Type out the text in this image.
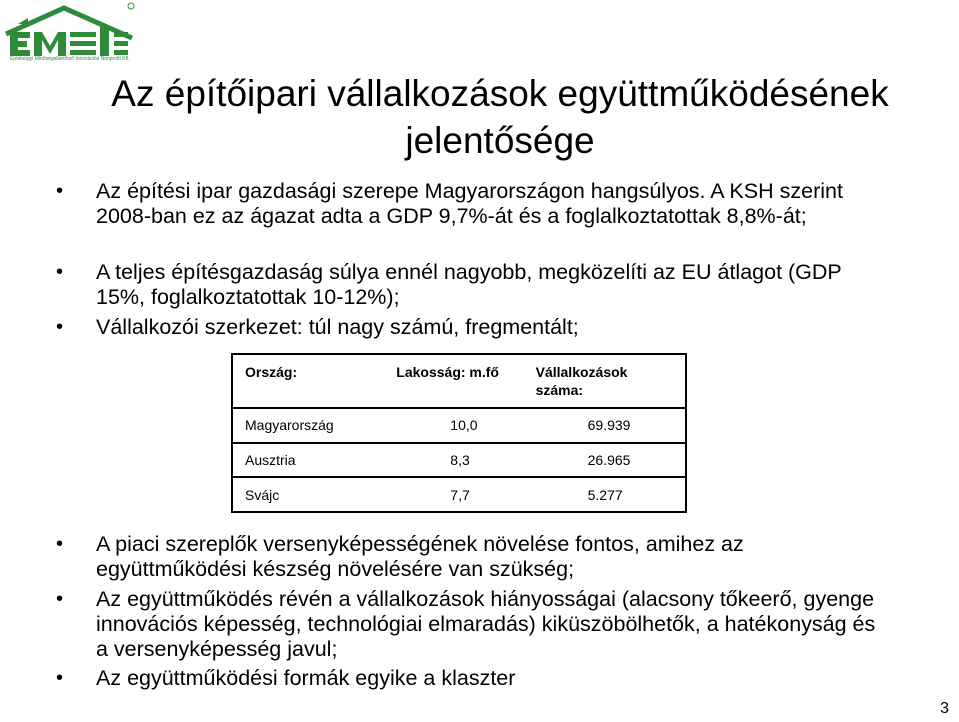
Építésügyi Minőségellenőrző Innovációs Nonprofit Kft.
Az építőipari vállalkozások együttműködésének
jelentősége
• Az építési ipar gazdasági szerepe Magyarországon hangsúlyos. A KSH szerint 2008-ban ez az ágazat adta a GDP 9,7%-át és a foglalkoztatottak 8,8%-át;
• A teljes építésgazdaság súlya ennél nagyobb, megközelíti az EU átlagot (GDP 15%, foglalkoztatottak 10-12%);
• Vállalkozói szerkezet: túl nagy számú, fregmentált;
Ország:	Lakosság: m.fő	Vállalkozások
száma:

Magyarország	10,0	69.939
Ausztria	8,3	26.965
Svájc	7,7	5.277
• A piaci szereplők versenyképességének növelése fontos, amihez az együttműködési készség növelésére van szükség;
• Az együttműködés révén a vállalkozások hiányosságai (alacsony tőkeerő, gyenge innovációs képesség, technológiai elmaradás) kiküszöbölhetők, a hatékonyság és a versenyképesség javul;
• Az együttműködési formák egyike a klaszter
3
